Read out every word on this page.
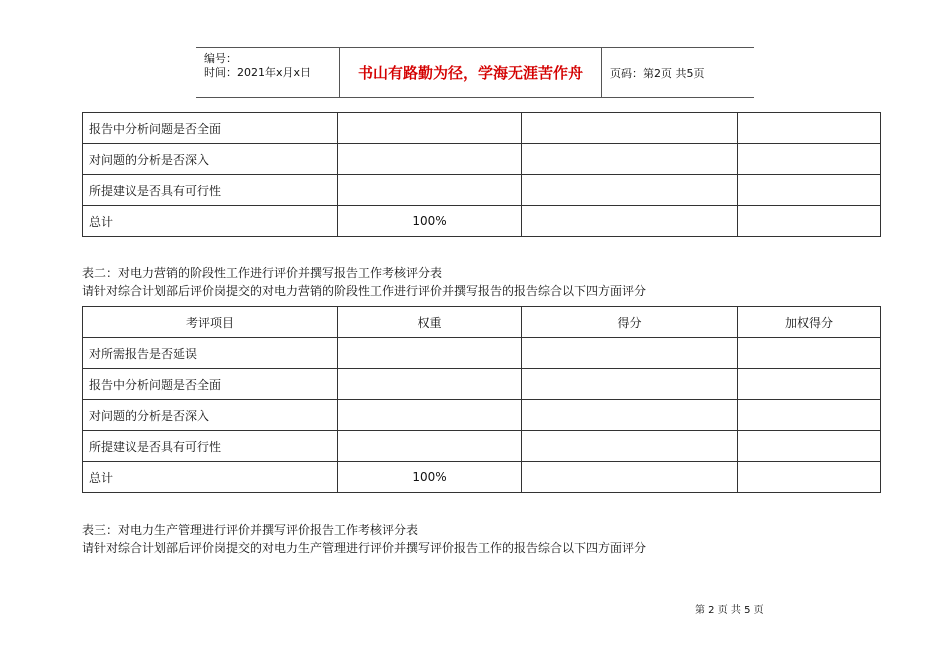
编号：
时间：2021年x月x日	书山有路勤为径，学海无涯苦作舟	页码：第2页 共5页
报告中分析问题是否全面			
对问题的分析是否深入			
所提建议是否具有可行性			
总计	100%		
表二：对电力营销的阶段性工作进行评价并撰写报告工作考核评分表
请针对综合计划部后评价岗提交的对电力营销的阶段性工作进行评价并撰写报告的报告综合以下四方面评分
考评项目	权重	得分	加权得分
对所需报告是否延误			
报告中分析问题是否全面			
对问题的分析是否深入			
所提建议是否具有可行性			
总计	100%		
表三：对电力生产管理进行评价并撰写评价报告工作考核评分表
请针对综合计划部后评价岗提交的对电力生产管理进行评价并撰写评价报告工作的报告综合以下四方面评分
第 2 页 共 5 页
